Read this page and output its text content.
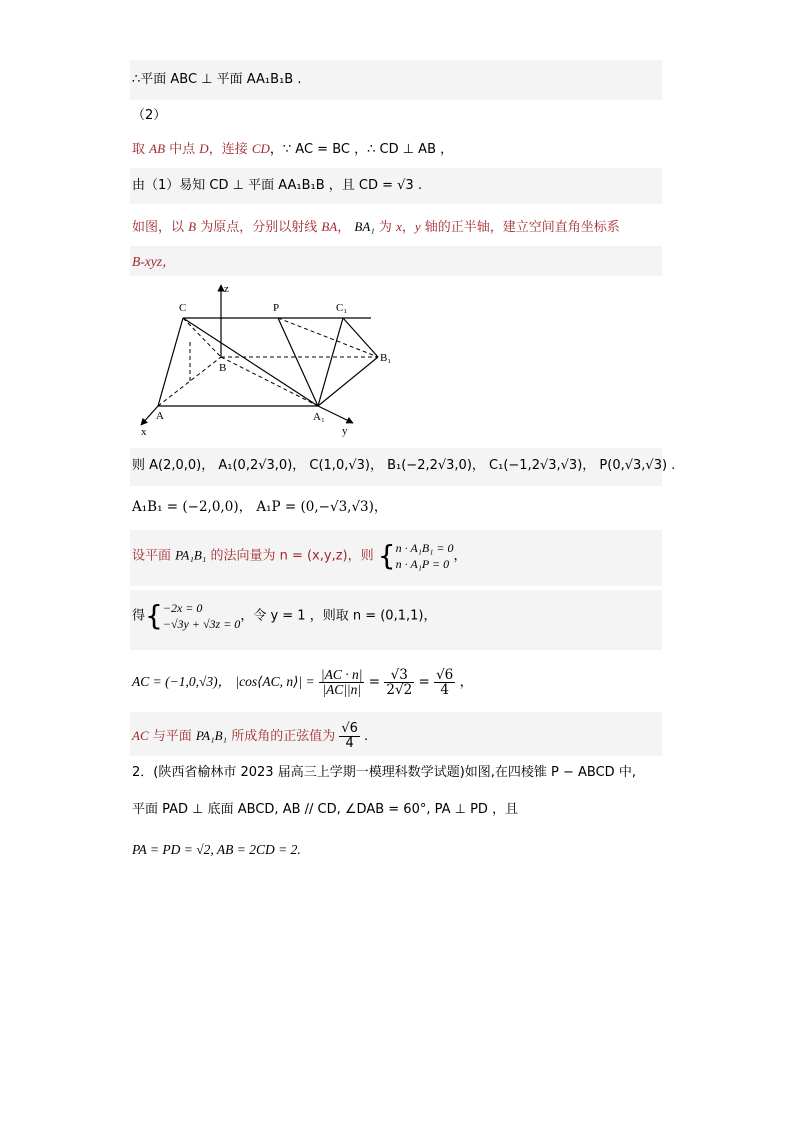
∴平面 ABC ⊥ 平面 AA₁B₁B .
（2）
取 AB 中点 D，连接 CD，∵ AC = BC ，∴ CD ⊥ AB ，
由（1）易知 CD ⊥ 平面 AA₁B₁B ，且 CD = √3 .
如图，以 B 为原点，分别以射线 BA， BA₁ 为 x，y 轴的正半轴，建立空间直角坐标系
B-xyz，
C	P	C₁
z
B
B₁
A	A₁
x	y
则 A(2,0,0)， A₁(0,2√3,0)， C(1,0,√3)， B₁(−2,2√3,0)， C₁(−1,2√3,√3)， P(0,√3,√3) .
A₁B₁ = (−2,0,0)， A₁P = (0,−√3,√3)，
设平面 PA₁B₁ 的法向量为 n = (x,y,z)，则 { n · A₁B₁ = 0
n · A₁P = 0
，
得{ −2x = 0
−√3y + √3z = 0
，令 y = 1 ，则取 n = (0,1,1)，
AC = (−1,0,√3)， |cos⟨AC, n⟩| = $\frac{|AC \cdot n|}{|AC||n|} = \frac{√3}{2√2} = \frac{√6}{4}$ ，
AC 与平面 PA₁B₁ 所成角的正弦值为 $\frac{√6}{4}$ .
2．(陕西省榆林市 2023 届高三上学期一模理科数学试题)如图,在四棱锥 P − ABCD 中,
平面 PAD ⊥ 底面 ABCD, AB // CD, ∠DAB = 60°, PA ⊥ PD ，且
PA = PD = √2, AB = 2CD = 2.
